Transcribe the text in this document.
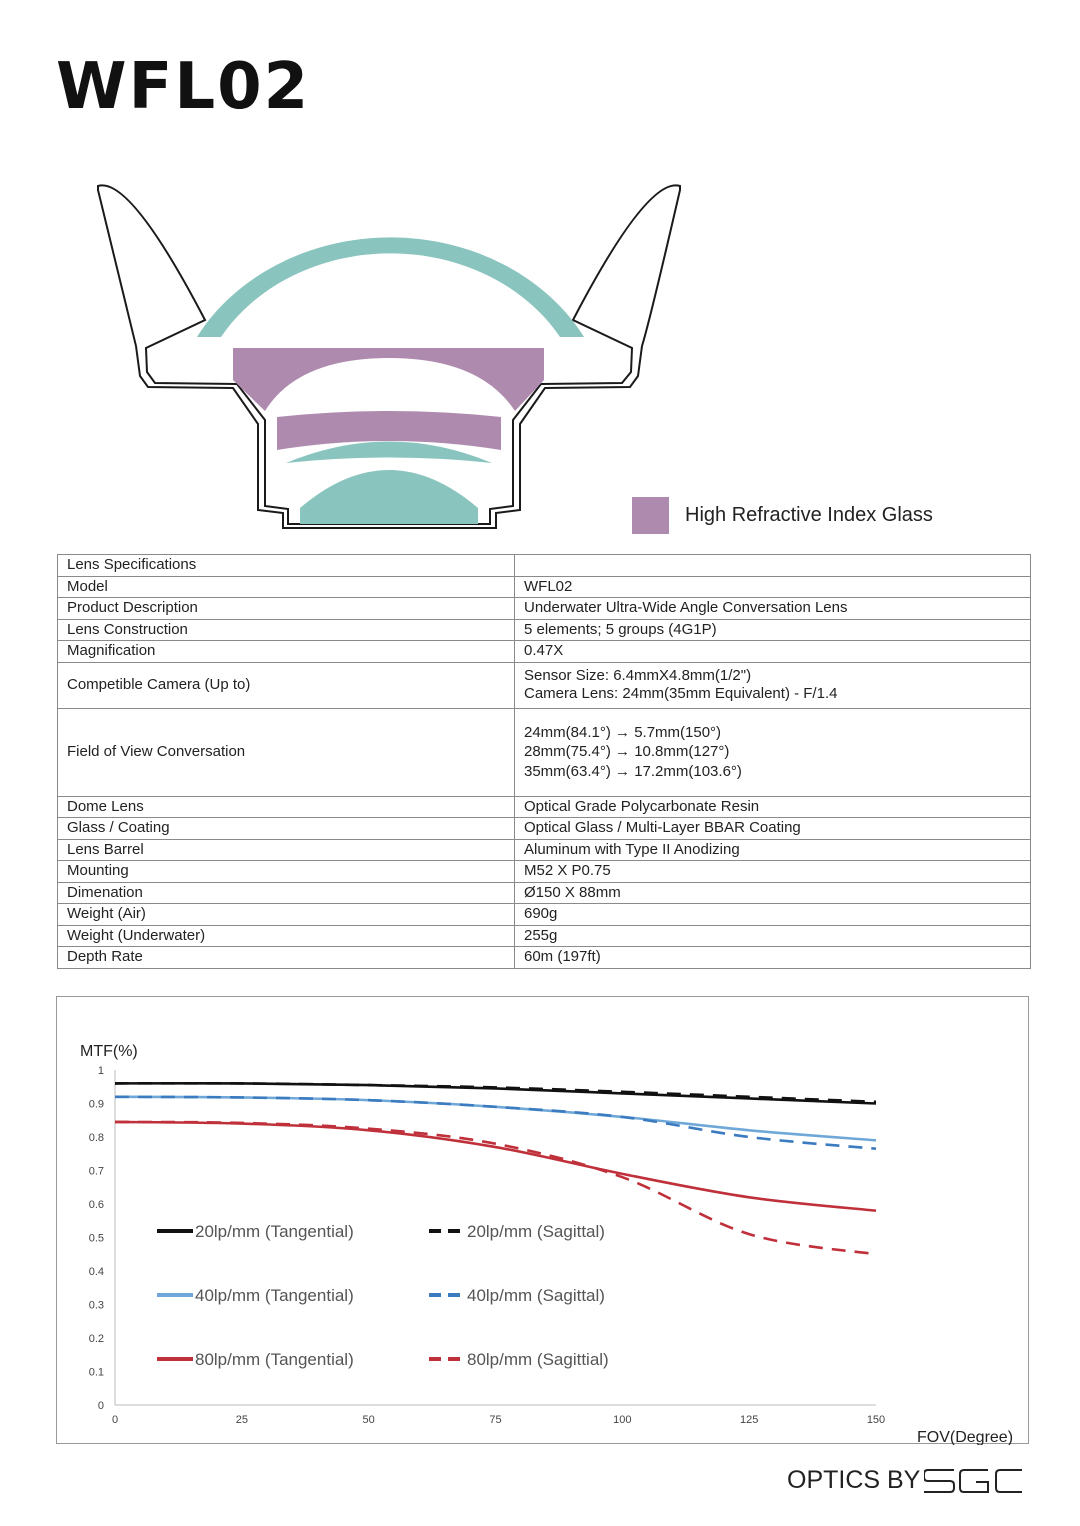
WFL02
High Refractive Index Glass
Lens Specifications	
Model	WFL02
Product Description	Underwater Ultra-Wide Angle Conversation Lens
Lens Construction	5 elements; 5 groups (4G1P)
Magnification	0.47X
Competible Camera (Up to)	Sensor Size: 6.4mmX4.8mm(1/2")
Camera Lens: 24mm(35mm Equivalent) - F/1.4

Field of View Conversation	24mm(84.1°) → 5.7mm(150°)
28mm(75.4°) → 10.8mm(127°)
35mm(63.4°) → 17.2mm(103.6°)

Dome Lens	Optical Grade Polycarbonate Resin
Glass / Coating	Optical Glass / Multi-Layer BBAR Coating
Lens Barrel	Aluminum with Type II Anodizing
Mounting	M52 X P0.75
Dimenation	Ø150 X 88mm
Weight (Air)	690g
Weight (Underwater)	255g
Depth Rate	60m (197ft)
0
0.1
0.2
0.3
0.4
0.5
0.6
0.7
0.8
0.9
1
0	25	50	75	100	125	150
MTF(%)
FOV(Degree)
20lp/mm (Tangential)	20lp/mm (Sagittal)
40lp/mm (Tangential)	40lp/mm (Sagittal)
80lp/mm (Tangential)	80lp/mm (Sagittial)
OPTICS BY
